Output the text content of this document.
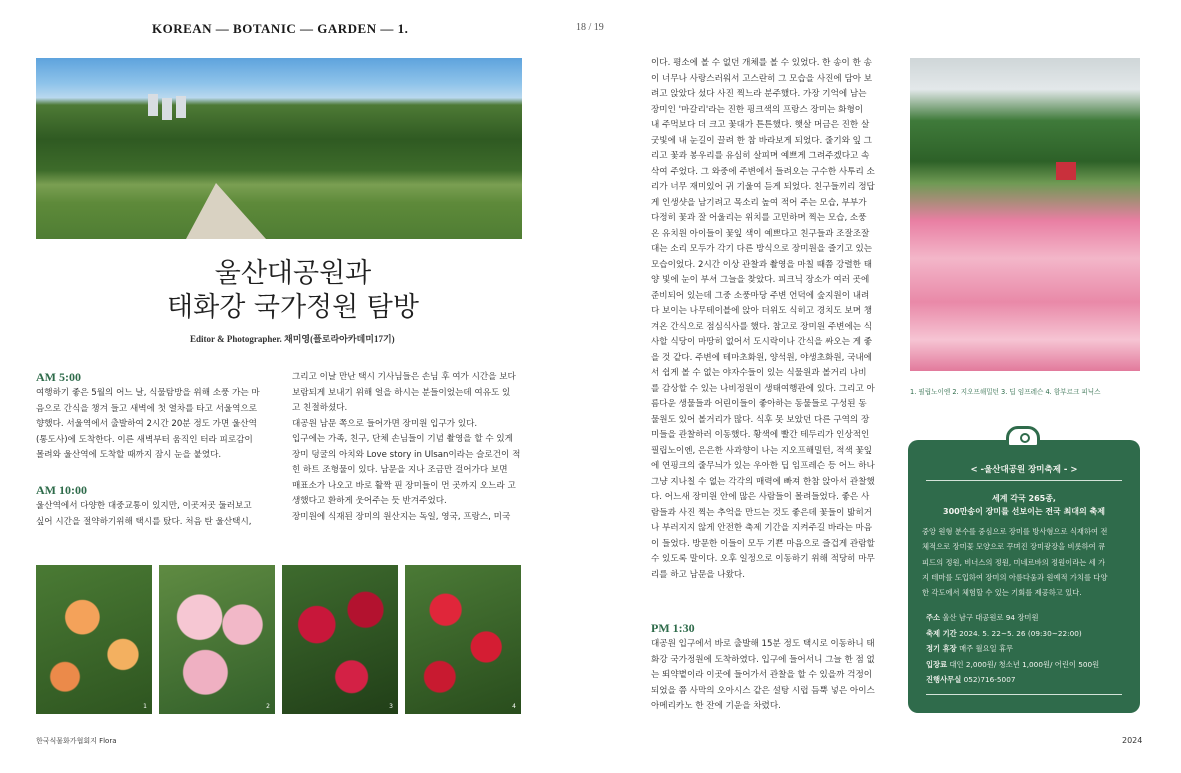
KOREAN — BOTANIC — GARDEN — 1.	18 / 19
울산대공원과
태화강 국가정원 탐방
Editor & Photographer. 채미영(플로라아카데미17기)
AM 5:00
여행하기 좋은 5월의 어느 날, 식물탐방을 위해 소풍 가는 마
음으로 간식을 챙겨 들고 새벽에 첫 열차를 타고 서울역으로
향했다. 서울역에서 출발하여 2시간 20분 정도 가면 울산역
(통도사)에 도착한다. 이른 새벽부터 움직인 터라 피로감이
몰려와 울산역에 도착할 때까지 잠시 눈을 붙였다.
AM 10:00
울산역에서 다양한 대중교통이 있지만, 이곳저곳 둘러보고
싶어 시간을 절약하기위해 택시를 탔다. 처음 탄 울산택시,
그리고 이날 만난 택시 기사님들은 손님 후 여가 시간을 보다
보람되게 보내기 위해 얼을 하시는 분들이었는데 여유도 있
고 친절하셨다.
대공원 남문 쪽으로 들어가면 장미원 입구가 있다.
입구에는 가족, 친구, 단체 손님들이 기념 촬영을 할 수 있게
장미 덩굴의 아치와 Love story in Ulsan이라는 슬로건이 적
힌 하트 조형물이 있다. 남문을 지나 조금만 걸어가다 보면
매표소가 나오고 바로 활짝 핀 장미들이 먼 곳까지 오느라 고
생했다고 환하게 웃어주는 듯 반겨주었다.
장미원에 식재된 장미의 원산지는 독일, 영국, 프랑스, 미국
1	2	3	4
이다. 평소에 볼 수 없던 개체를 볼 수 있었다. 한 송이 한 송
이 너무나 사랑스러워서 고스란히 그 모습을 사진에 담아 보
려고 앉았다 섰다 사진 찍느라 분주했다. 가장 기억에 남는
장미인 '마갈리'라는 진한 핑크색의 프랑스 장미는 화형이
내 주먹보다 더 크고 꽃대가 튼튼했다. 햇살 머금은 진한 살
굿빛에 내 눈길이 끌려 한 참 바라보게 되었다. 줄기와 잎 그
리고 꽃과 봉우리를 유심히 살피며 예쁘게 그려주겠다고 속
삭여 주었다. 그 와중에 주변에서 들려오는 구수한 사투리 소
리가 너무 재미있어 귀 기울여 듣게 되었다. 친구들끼리 정답
게 인생샷을 남기려고 목소리 높여 적어 주는 모습, 부부가
다정히 꽃과 잘 어울리는 위치를 고민하며 찍는 모습, 소풍
온 유치원 아이들이 꽃잎 색이 예쁘다고 친구들과 조잘조잘
대는 소리 모두가 각기 다른 방식으로 장미원을 즐기고 있는
모습이었다. 2시간 이상 관찰과 촬영을 마칠 때쯤 강렬한 태
양 빛에 눈이 부셔 그늘을 찾았다. 피크닉 장소가 여러 곳에
준비되어 있는데 그중 소풍마당 주변 언덕에 숲지원이 내려
다 보이는 나무테이블에 앉아 더위도 식히고 경치도 보며 챙
겨온 간식으로 점심식사를 했다. 참고로 장미원 주변에는 식
사할 식당이 마땅히 없어서 도시락이나 간식을 싸오는 게 좋
을 것 같다. 주변에 테마초화원, 양석원, 야생초화원, 국내에
서 쉽게 볼 수 없는 야자수들이 있는 식물원과 볼거리 나비
를 감상할 수 있는 나비정원이 생태여행관에 있다. 그리고 아
름다운 생물들과 어린이들이 좋아하는 동물들로 구성된 동
물원도 있어 볼거리가 많다. 식후 못 보았던 다른 구역의 장
미들을 관찰하러 이동했다. 황색에 빨간 테두리가 인상적인
필립노이엔, 은은한 사과향이 나는 지오프해밀턴, 적색 꽃잎
에 연핑크의 줄무늬가 있는 우아한 딥 임프레슨 등 어느 하나
그냥 지나칠 수 없는 각각의 매력에 빠져 한참 앉아서 관찰했
다. 어느새 장미원 안에 많은 사람들이 몰려들었다. 좋은 사
람들과 사진 찍는 추억을 만드는 것도 좋은데 꽃들이 밟히거
나 부러지지 않게 안전한 축제 기간을 지켜주길 바라는 마음
이 들었다. 방문한 이들이 모두 기쁜 마음으로 즐겁게 관람할
수 있도록 말이다. 오후 일정으로 이동하기 위해 적당히 마무
리를 하고 남문을 나왔다.
PM 1:30
대공원 입구에서 바로 출발해 15분 정도 택시로 이동하니 태
화강 국가정원에 도착하였다. 입구에 들어서니 그늘 한 점 없
는 뙤약볕이라 이곳에 들어가서 관찰을 할 수 있을까 걱정이
되었을 쯤 사막의 오아시스 같은 설탕 시럽 듬뿍 넣은 아이스
아메리카노 한 잔에 기운을 차렸다.
1. 필립노이엔 2. 지오프해밀턴 3. 딥 임프레슨 4. 함부르크 피닉스
< -울산대공원 장미축제 - >
세계 각국 265종,
300만송이 장미를 선보이는 전국 최대의 축제
중앙 원형 분수를 중심으로 장미를 방사형으로 식재하여 전
체적으로 장미꽃 모양으로 꾸며진 장미광장을 비롯하여 큐
피드의 정원, 비너스의 정원, 미네르바의 정원이라는 세 가
지 테마를 도입하여 장미의 아름다움과 원예적 가치를 다양
한 각도에서 체험할 수 있는 기회를 제공하고 있다.
주소 울산 남구 대공원로 94 장미원
축제 기간 2024. 5. 22~5. 26 (09:30~22:00)
정기 휴장 매주 월요일 휴무
입장료 대인 2,000원/ 청소년 1,000원/ 어린이 500원
진행사무실 052)716-5007
한국식물화가협회지 Flora	2024
